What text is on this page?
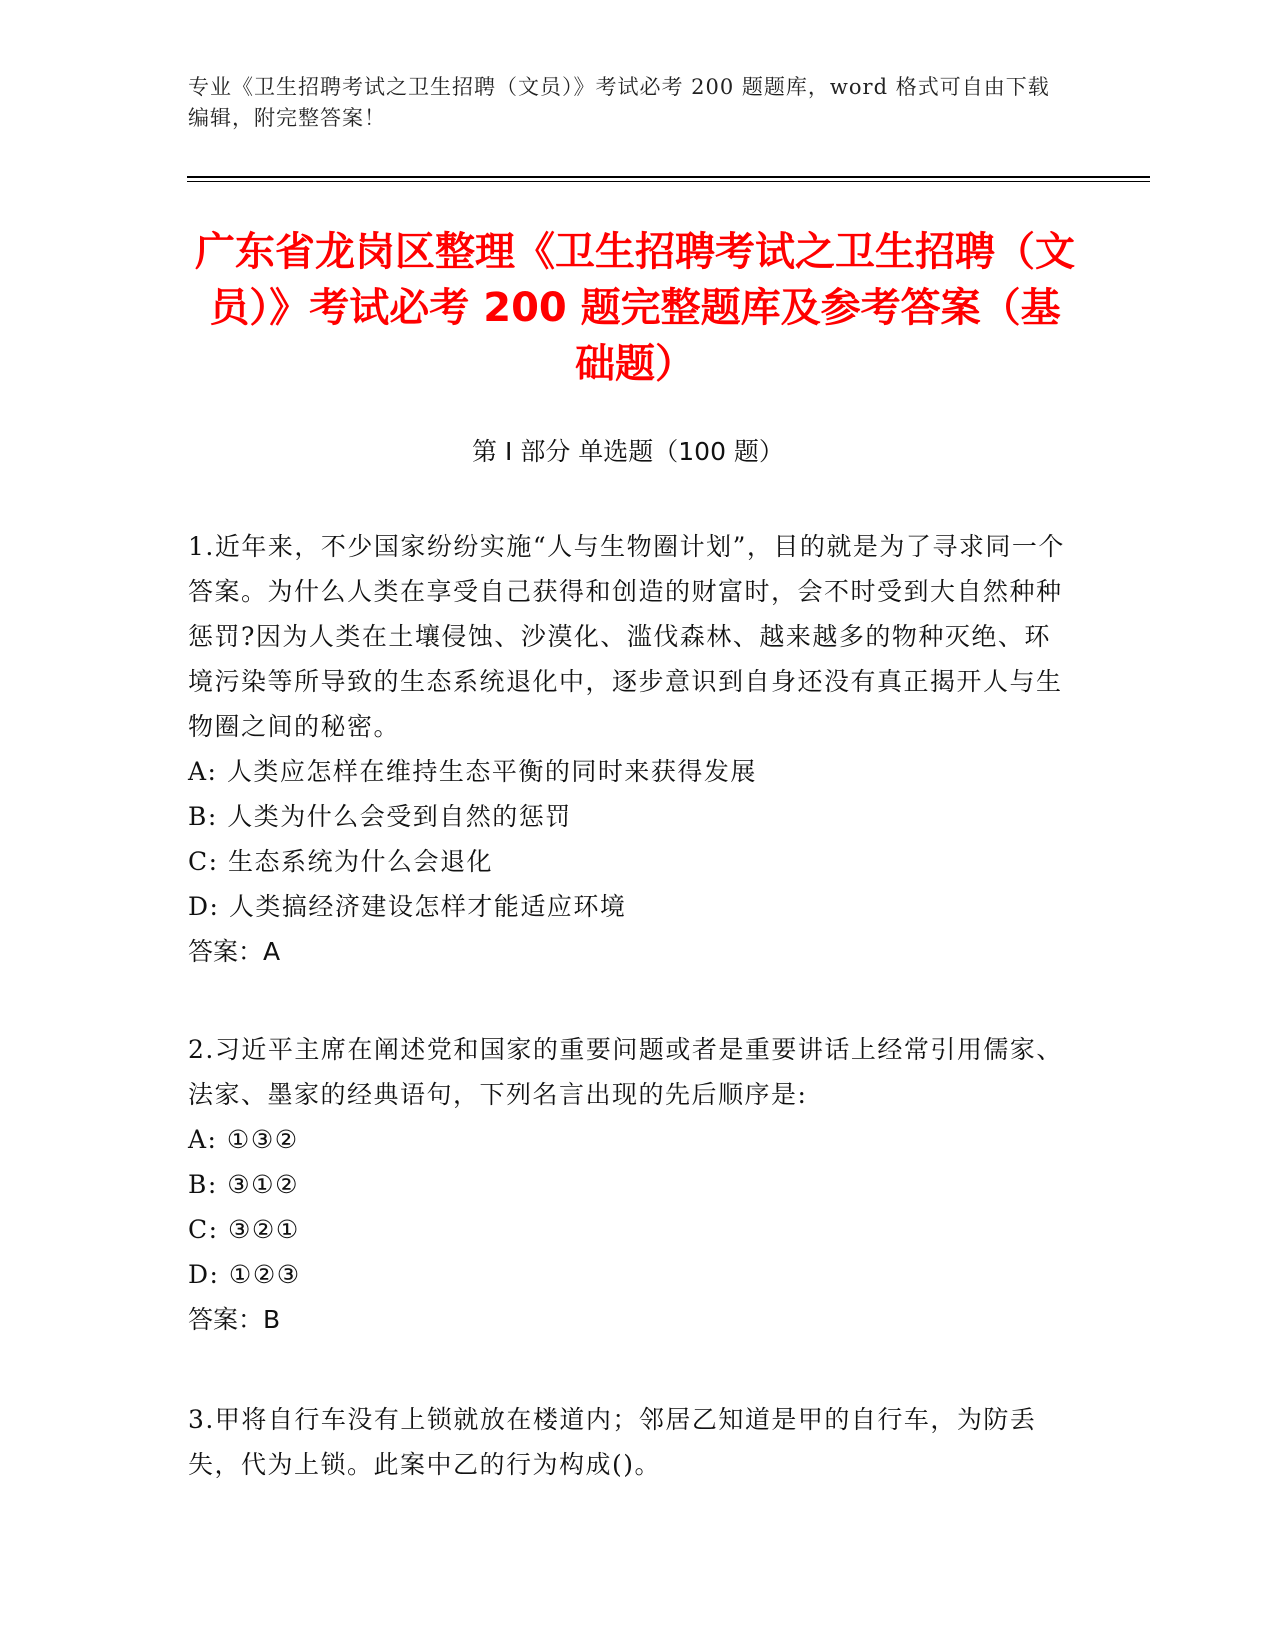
专业《卫生招聘考试之卫生招聘（文员）》考试必考 200 题题库，word 格式可自由下载编辑，附完整答案！
广东省龙岗区整理《卫生招聘考试之卫生招聘（文员）》考试必考 200 题完整题库及参考答案（基础题）
第 I 部分 单选题（100 题）

1.近年来，不少国家纷纷实施“人与生物圈计划”，目的就是为了寻求同一个答案。为什么人类在享受自己获得和创造的财富时，会不时受到大自然种种惩罚?因为人类在土壤侵蚀、沙漠化、滥伐森林、越来越多的物种灭绝、环境污染等所导致的生态系统退化中，逐步意识到自身还没有真正揭开人与生物圈之间的秘密。

A: 人类应怎样在维持生态平衡的同时来获得发展

B: 人类为什么会受到自然的惩罚

C: 生态系统为什么会退化

D: 人类搞经济建设怎样才能适应环境

答案：A

2.习近平主席在阐述党和国家的重要问题或者是重要讲话上经常引用儒家、法家、墨家的经典语句，下列名言出现的先后顺序是:

A: ①③②

B: ③①②

C: ③②①

D: ①②③

答案：B

3.甲将自行车没有上锁就放在楼道内；邻居乙知道是甲的自行车，为防丢失，代为上锁。此案中乙的行为构成()。
